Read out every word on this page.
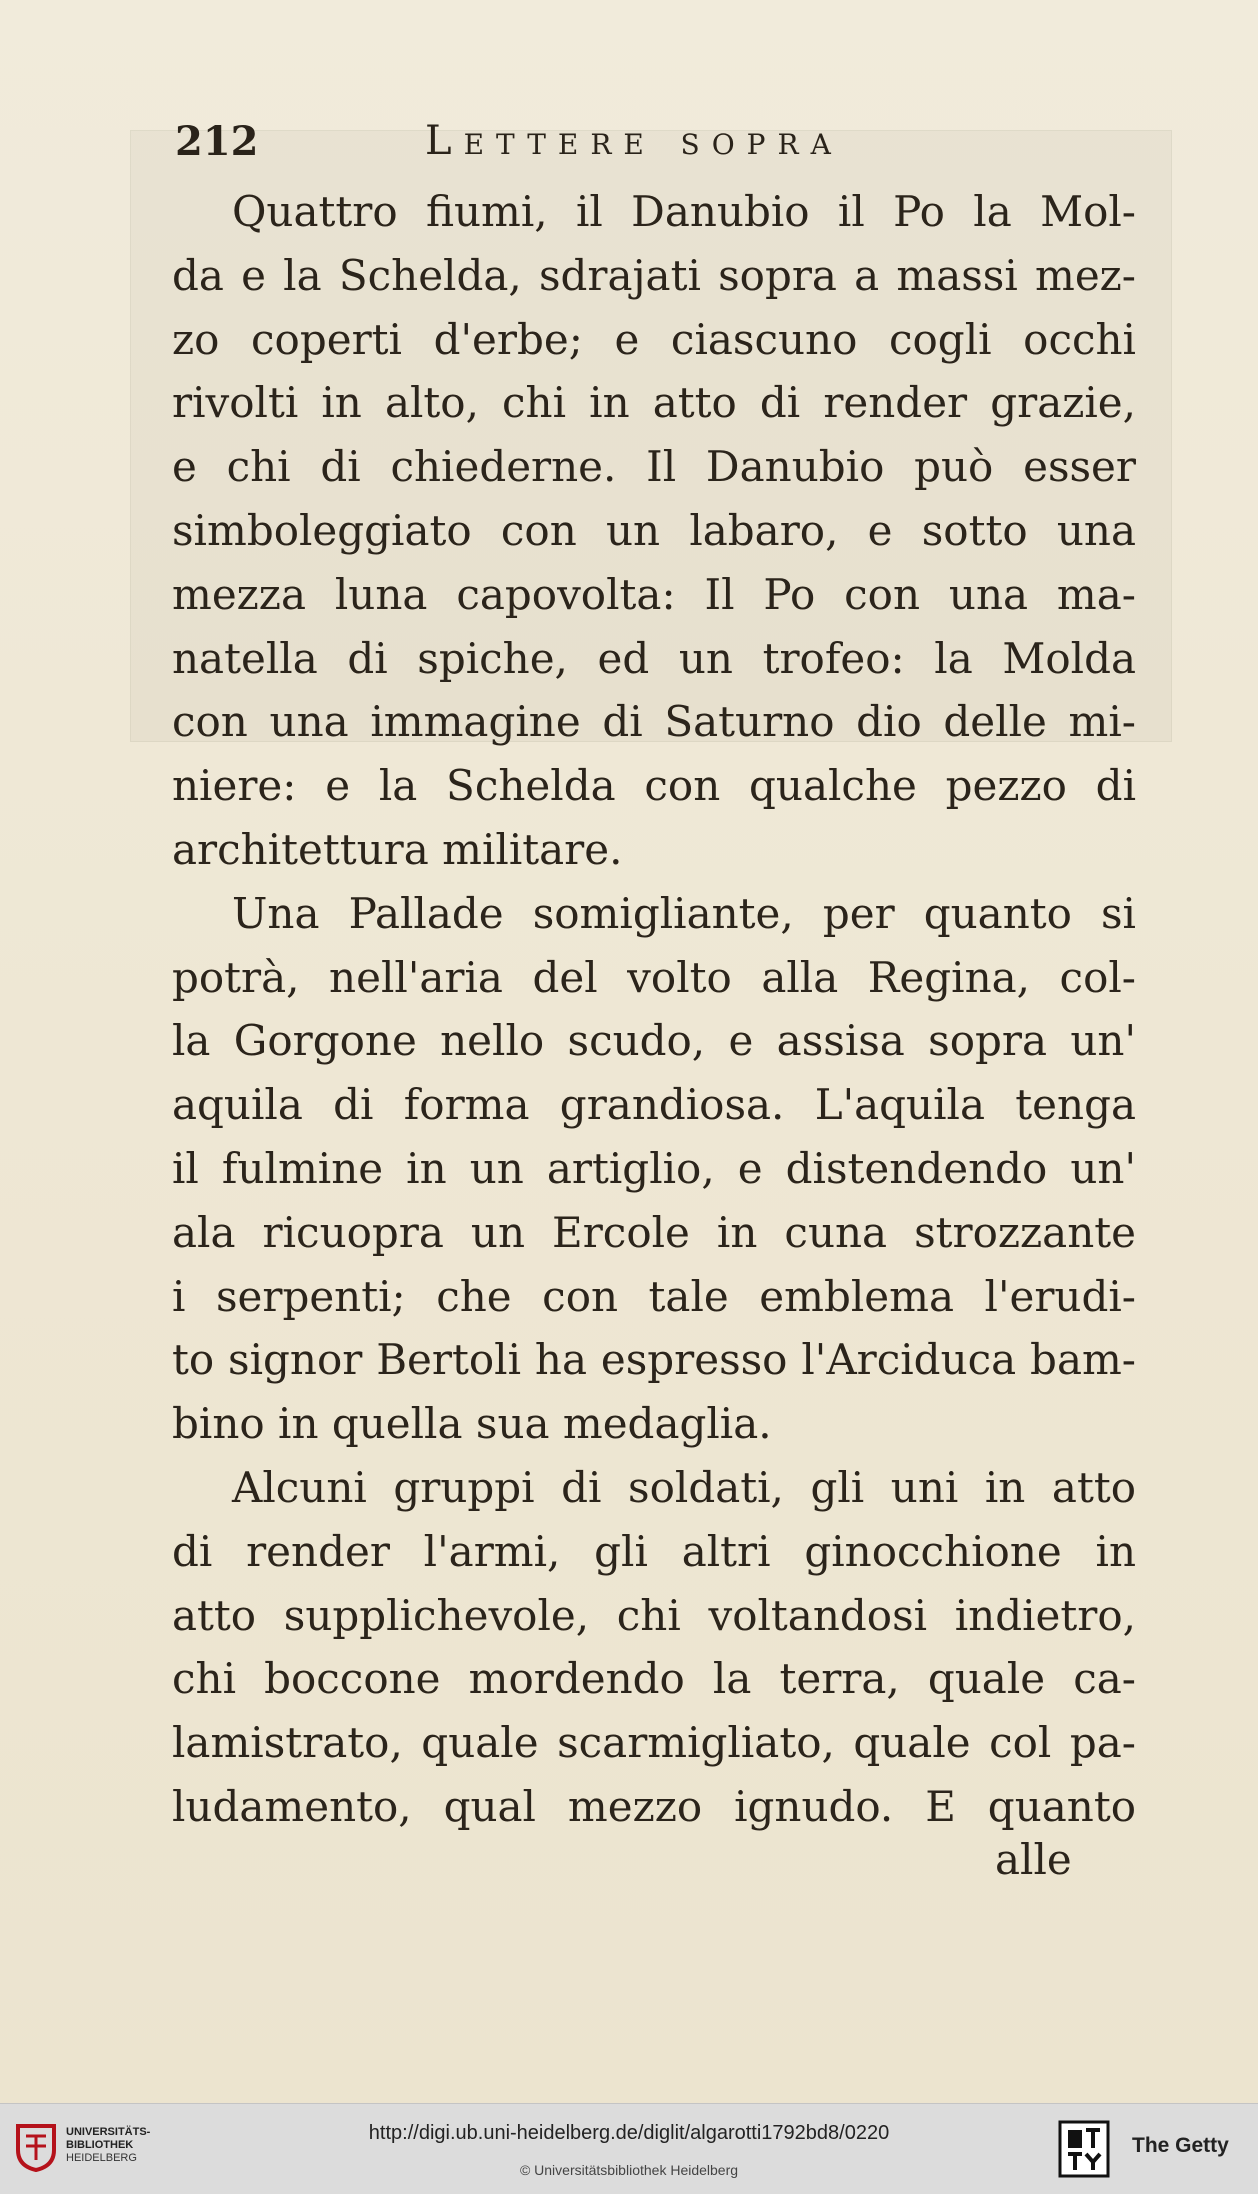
212	Lettere sopra
Quattro fiumi, il Danubio il Po la Mol-
da e la Schelda, sdrajati sopra a massi mez-
zo coperti d'erbe; e ciascuno cogli occhi
rivolti in alto, chi in atto di render grazie,
e chi di chiederne. Il Danubio può esser
simboleggiato con un labaro, e sotto una
mezza luna capovolta: Il Po con una ma-
natella di spiche, ed un trofeo: la Molda
con una immagine di Saturno dio delle mi-
niere: e la Schelda con qualche pezzo di
architettura militare.
Una Pallade somigliante, per quanto si
potrà, nell'aria del volto alla Regina, col-
la Gorgone nello scudo, e assisa sopra un'
aquila di forma grandiosa. L'aquila tenga
il fulmine in un artiglio, e distendendo un'
ala ricuopra un Ercole in cuna strozzante
i serpenti; che con tale emblema l'erudi-
to signor Bertoli ha espresso l'Arciduca bam-
bino in quella sua medaglia.
Alcuni gruppi di soldati, gli uni in atto
di render l'armi, gli altri ginocchione in
atto supplichevole, chi voltandosi indietro,
chi boccone mordendo la terra, quale ca-
lamistrato, quale scarmigliato, quale col pa-
ludamento, qual mezzo ignudo. E quanto
alle
UNIVERSITÄTS-
BIBLIOTHEK
HEIDELBERG
http://digi.ub.uni-heidelberg.de/diglit/algarotti1792bd8/0220
© Universitätsbibliothek Heidelberg
The Getty
